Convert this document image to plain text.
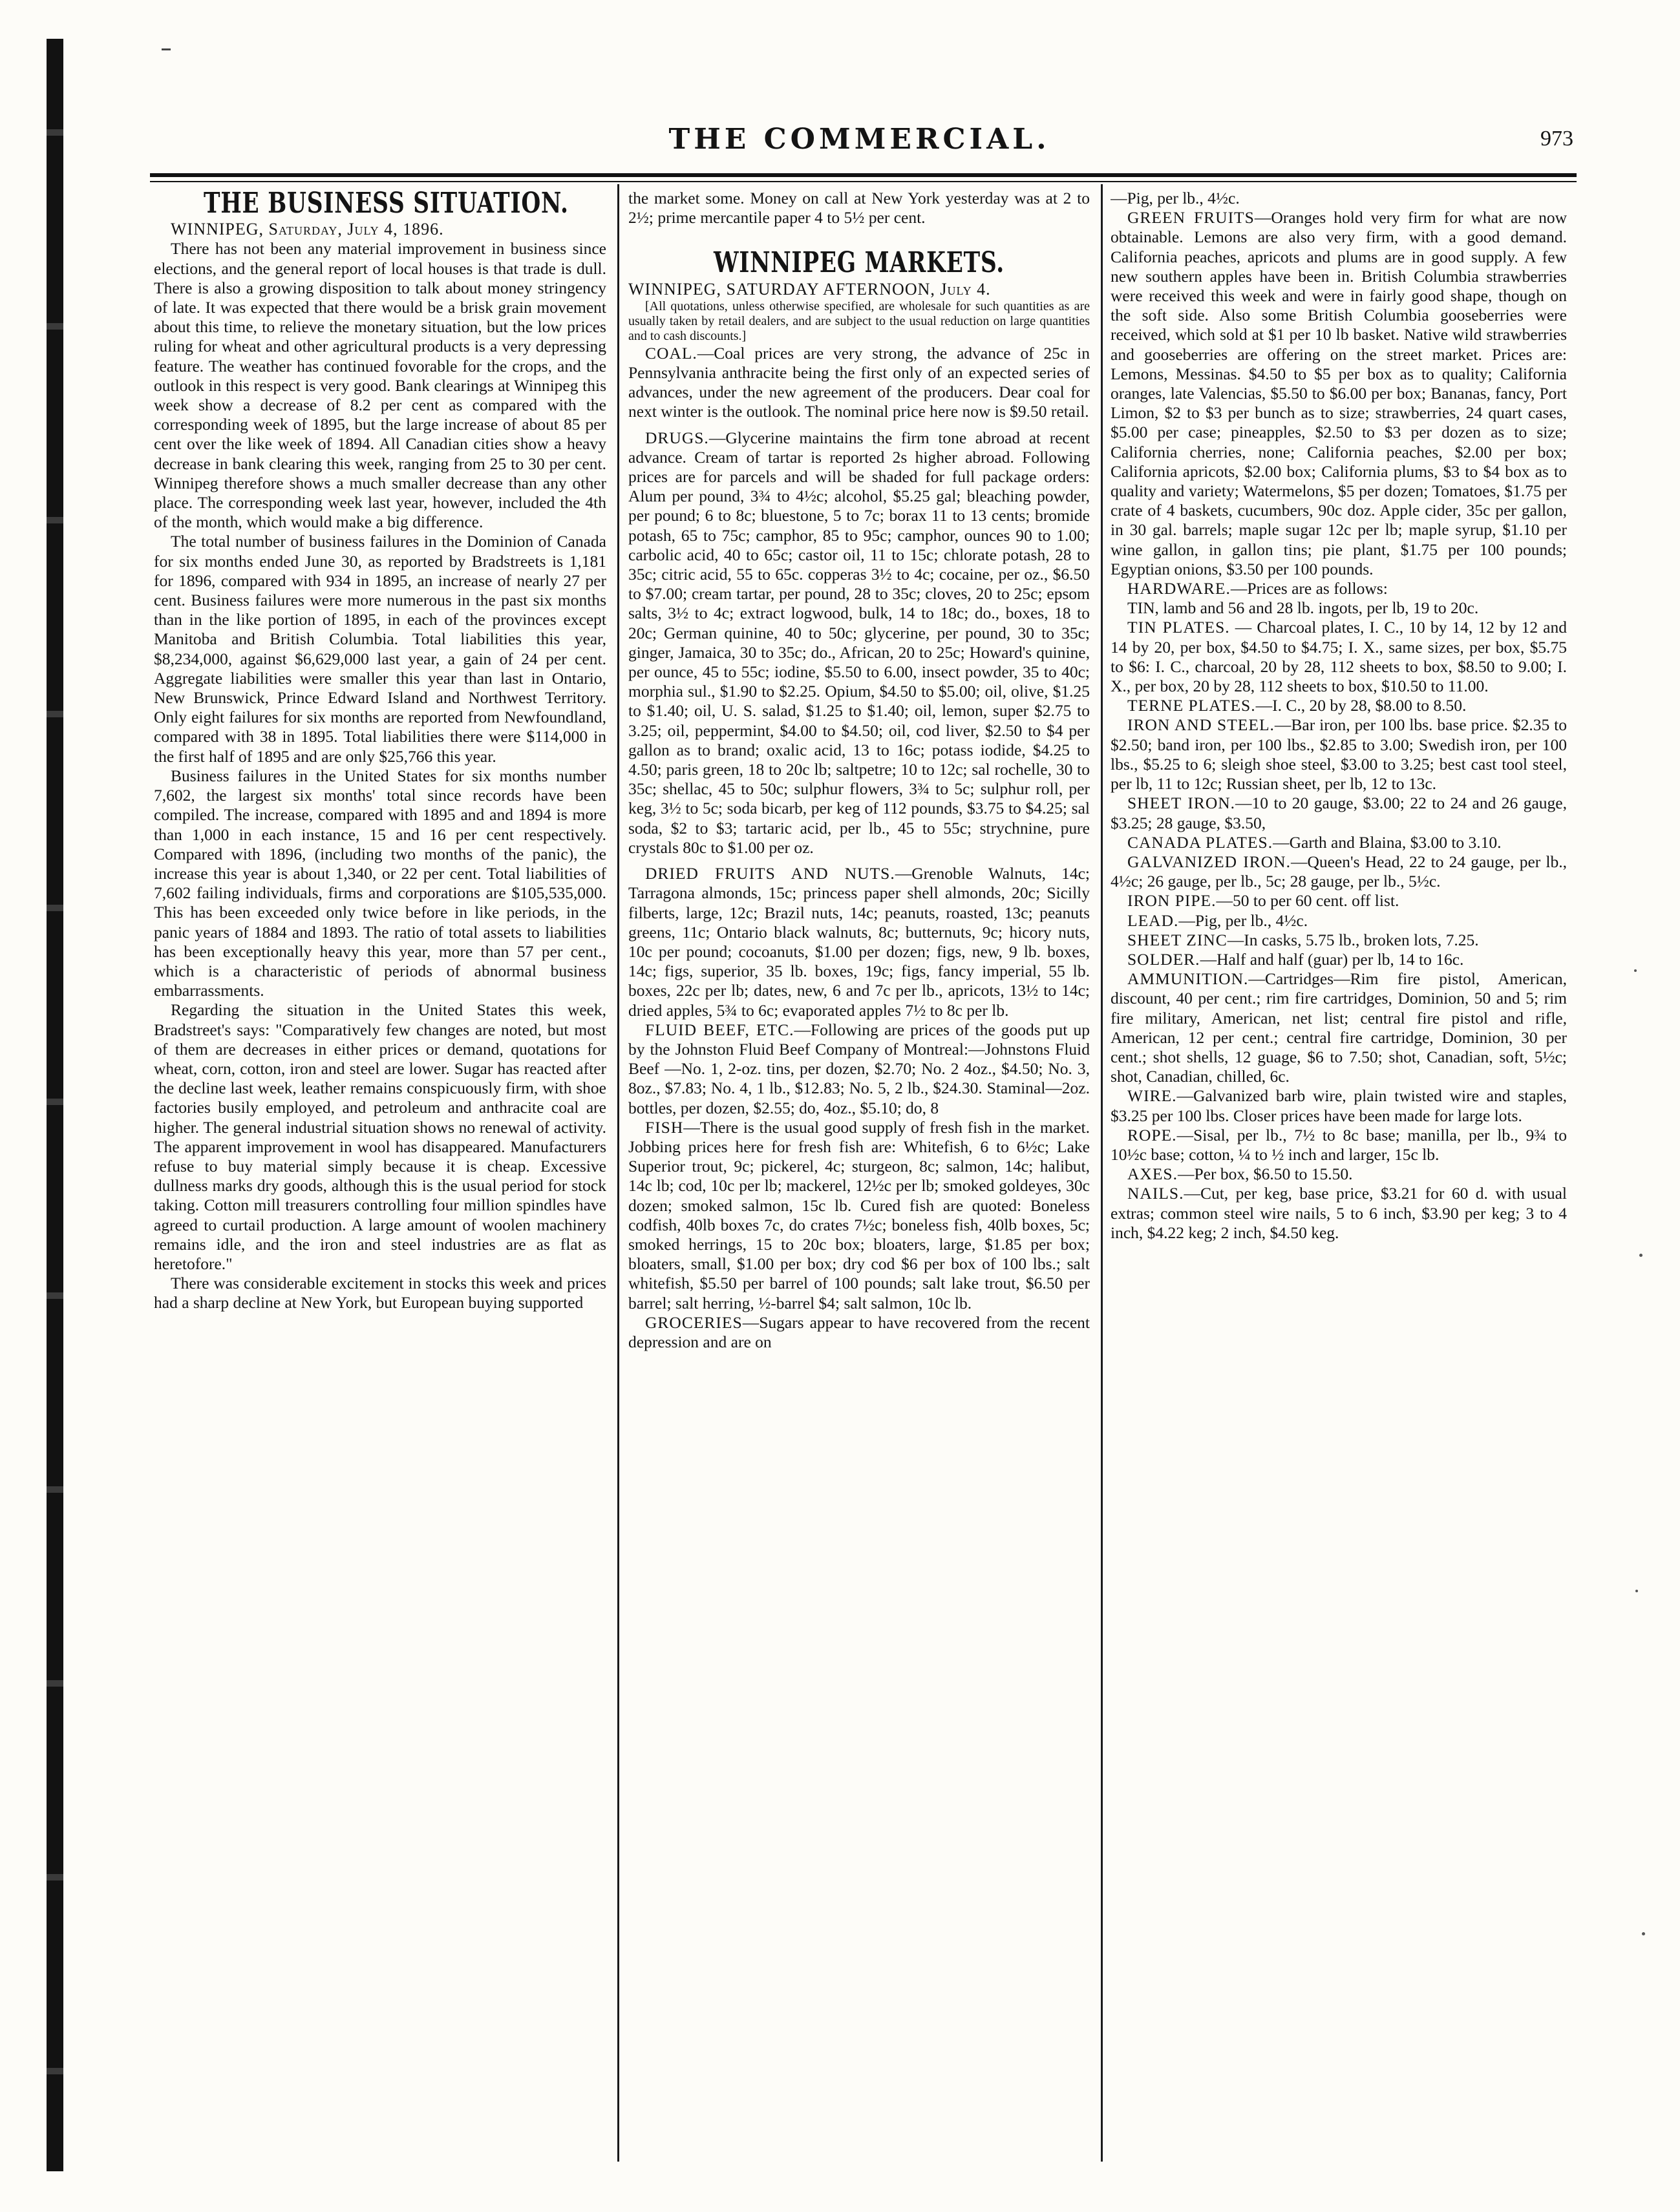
THE COMMERCIAL.	973
THE BUSINESS SITUATION.

WINNIPEG, Saturday, July 4, 1896.

There has not been any material improvement in business since elections, and the general report of local houses is that trade is dull. There is also a growing disposition to talk about money stringency of late. It was expected that there would be a brisk grain movement about this time, to relieve the monetary situation, but the low prices ruling for wheat and other agricultural products is a very depressing feature. The weather has continued fovorable for the crops, and the outlook in this respect is very good. Bank clearings at Winnipeg this week show a decrease of 8.2 per cent as compared with the corresponding week of 1895, but the large increase of about 85 per cent over the like week of 1894. All Canadian cities show a heavy decrease in bank clearing this week, ranging from 25 to 30 per cent. Winnipeg therefore shows a much smaller decrease than any other place. The corresponding week last year, however, included the 4th of the month, which would make a big difference.

The total number of business failures in the Dominion of Canada for six months ended June 30, as reported by Bradstreets is 1,181 for 1896, compared with 934 in 1895, an increase of nearly 27 per cent. Business failures were more numerous in the past six months than in the like portion of 1895, in each of the provinces except Manitoba and British Columbia. Total liabilities this year, $8,234,000, against $6,629,000 last year, a gain of 24 per cent. Aggregate liabilities were smaller this year than last in Ontario, New Brunswick, Prince Edward Island and Northwest Territory. Only eight failures for six months are reported from Newfoundland, compared with 38 in 1895. Total liabilities there were $114,000 in the first half of 1895 and are only $25,766 this year.

Business failures in the United States for six months number 7,602, the largest six months' total since records have been compiled. The increase, compared with 1895 and and 1894 is more than 1,000 in each instance, 15 and 16 per cent respectively. Compared with 1896, (including two months of the panic), the increase this year is about 1,340, or 22 per cent. Total liabilities of 7,602 failing individuals, firms and corporations are $105,535,000. This has been exceeded only twice before in like periods, in the panic years of 1884 and 1893. The ratio of total assets to liabilities has been exceptionally heavy this year, more than 57 per cent., which is a characteristic of periods of abnormal business embarrassments.

Regarding the situation in the United States this week, Bradstreet's says: "Comparatively few changes are noted, but most of them are decreases in either prices or demand, quotations for wheat, corn, cotton, iron and steel are lower. Sugar has reacted after the decline last week, leather remains conspicuously firm, with shoe factories busily employed, and petroleum and anthracite coal are higher. The general industrial situation shows no renewal of activity. The apparent improvement in wool has disappeared. Manufacturers refuse to buy material simply because it is cheap. Excessive dullness marks dry goods, although this is the usual period for stock taking. Cotton mill treasurers controlling four million spindles have agreed to curtail production. A large amount of woolen machinery remains idle, and the iron and steel industries are as flat as heretofore."

There was considerable excitement in stocks this week and prices had a sharp decline at New York, but European buying supported

the market some. Money on call at New York yesterday was at 2 to 2½; prime mercantile paper 4 to 5½ per cent.

WINNIPEG MARKETS.

WINNIPEG, SATURDAY AFTERNOON, July 4.

[All quotations, unless otherwise specified, are wholesale for such quantities as are usually taken by retail dealers, and are subject to the usual reduction on large quantities and to cash discounts.]

COAL.—Coal prices are very strong, the advance of 25c in Pennsylvania anthracite being the first only of an expected series of advances, under the new agreement of the producers. Dear coal for next winter is the outlook. The nominal price here now is $9.50 retail.

DRUGS.—Glycerine maintains the firm tone abroad at recent advance. Cream of tartar is reported 2s higher abroad. Following prices are for parcels and will be shaded for full package orders: Alum per pound, 3¾ to 4½c; alcohol, $5.25 gal; bleaching powder, per pound; 6 to 8c; bluestone, 5 to 7c; borax 11 to 13 cents; bromide potash, 65 to 75c; camphor, 85 to 95c; camphor, ounces 90 to 1.00; carbolic acid, 40 to 65c; castor oil, 11 to 15c; chlorate potash, 28 to 35c; citric acid, 55 to 65c. copperas 3½ to 4c; cocaine, per oz., $6.50 to $7.00; cream tartar, per pound, 28 to 35c; cloves, 20 to 25c; epsom salts, 3½ to 4c; extract logwood, bulk, 14 to 18c; do., boxes, 18 to 20c; German quinine, 40 to 50c; glycerine, per pound, 30 to 35c; ginger, Jamaica, 30 to 35c; do., African, 20 to 25c; Howard's quinine, per ounce, 45 to 55c; iodine, $5.50 to 6.00, insect powder, 35 to 40c; morphia sul., $1.90 to $2.25. Opium, $4.50 to $5.00; oil, olive, $1.25 to $1.40; oil, U. S. salad, $1.25 to $1.40; oil, lemon, super $2.75 to 3.25; oil, peppermint, $4.00 to $4.50; oil, cod liver, $2.50 to $4 per gallon as to brand; oxalic acid, 13 to 16c; potass iodide, $4.25 to 4.50; paris green, 18 to 20c lb; saltpetre; 10 to 12c; sal rochelle, 30 to 35c; shellac, 45 to 50c; sulphur flowers, 3¾ to 5c; sulphur roll, per keg, 3½ to 5c; soda bicarb, per keg of 112 pounds, $3.75 to $4.25; sal soda, $2 to $3; tartaric acid, per lb., 45 to 55c; strychnine, pure crystals 80c to $1.00 per oz.

DRIED FRUITS AND NUTS.—Grenoble Walnuts, 14c; Tarragona almonds, 15c; princess paper shell almonds, 20c; Sicilly filberts, large, 12c; Brazil nuts, 14c; peanuts, roasted, 13c; peanuts greens, 11c; Ontario black walnuts, 8c; butternuts, 9c; hicory nuts, 10c per pound; cocoanuts, $1.00 per dozen; figs, new, 9 lb. boxes, 14c; figs, superior, 35 lb. boxes, 19c; figs, fancy imperial, 55 lb. boxes, 22c per lb; dates, new, 6 and 7c per lb., apricots, 13½ to 14c; dried apples, 5¾ to 6c; evaporated apples 7½ to 8c per lb.

FLUID BEEF, ETC.—Following are prices of the goods put up by the Johnston Fluid Beef Company of Montreal:—Johnstons Fluid Beef —No. 1, 2-oz. tins, per dozen, $2.70; No. 2 4oz., $4.50; No. 3, 8oz., $7.83; No. 4, 1 lb., $12.83; No. 5, 2 lb., $24.30. Staminal—2oz. bottles, per dozen, $2.55; do, 4oz., $5.10; do, 8

FISH—There is the usual good supply of fresh fish in the market. Jobbing prices here for fresh fish are: Whitefish, 6 to 6½c; Lake Superior trout, 9c; pickerel, 4c; sturgeon, 8c; salmon, 14c; halibut, 14c lb; cod, 10c per lb; mackerel, 12½c per lb; smoked goldeyes, 30c dozen; smoked salmon, 15c lb. Cured fish are quoted: Boneless codfish, 40lb boxes 7c, do crates 7½c; boneless fish, 40lb boxes, 5c; smoked herrings, 15 to 20c box; bloaters, large, $1.85 per box; bloaters, small, $1.00 per box; dry cod $6 per box of 100 lbs.; salt whitefish, $5.50 per barrel of 100 pounds; salt lake trout, $6.50 per barrel; salt herring, ½-barrel $4; salt salmon, 10c lb.

GROCERIES—Sugars appear to have recovered from the recent depression and are on

—Pig, per lb., 4½c.

GREEN FRUITS—Oranges hold very firm for what are now obtainable. Lemons are also very firm, with a good demand. California peaches, apricots and plums are in good supply. A few new southern apples have been in. British Columbia strawberries were received this week and were in fairly good shape, though on the soft side. Also some British Columbia gooseberries were received, which sold at $1 per 10 lb basket. Native wild strawberries and gooseberries are offering on the street market. Prices are: Lemons, Messinas. $4.50 to $5 per box as to quality; California oranges, late Valencias, $5.50 to $6.00 per box; Bananas, fancy, Port Limon, $2 to $3 per bunch as to size; strawberries, 24 quart cases, $5.00 per case; pineapples, $2.50 to $3 per dozen as to size; California cherries, none; California peaches, $2.00 per box; California apricots, $2.00 box; California plums, $3 to $4 box as to quality and variety; Watermelons, $5 per dozen; Tomatoes, $1.75 per crate of 4 baskets, cucumbers, 90c doz. Apple cider, 35c per gallon, in 30 gal. barrels; maple sugar 12c per lb; maple syrup, $1.10 per wine gallon, in gallon tins; pie plant, $1.75 per 100 pounds; Egyptian onions, $3.50 per 100 pounds.

HARDWARE.—Prices are as follows:

TIN, lamb and 56 and 28 lb. ingots, per lb, 19 to 20c.

TIN PLATES. — Charcoal plates, I. C., 10 by 14, 12 by 12 and 14 by 20, per box, $4.50 to $4.75; I. X., same sizes, per box, $5.75 to $6: I. C., charcoal, 20 by 28, 112 sheets to box, $8.50 to 9.00; I. X., per box, 20 by 28, 112 sheets to box, $10.50 to 11.00.

TERNE PLATES.—I. C., 20 by 28, $8.00 to 8.50.

IRON AND STEEL.—Bar iron, per 100 lbs. base price. $2.35 to $2.50; band iron, per 100 lbs., $2.85 to 3.00; Swedish iron, per 100 lbs., $5.25 to 6; sleigh shoe steel, $3.00 to 3.25; best cast tool steel, per lb, 11 to 12c; Russian sheet, per lb, 12 to 13c.

SHEET IRON.—10 to 20 gauge, $3.00; 22 to 24 and 26 gauge, $3.25; 28 gauge, $3.50,

CANADA PLATES.—Garth and Blaina, $3.00 to 3.10.

GALVANIZED IRON.—Queen's Head, 22 to 24 gauge, per lb., 4½c; 26 gauge, per lb., 5c; 28 gauge, per lb., 5½c.

IRON PIPE.—50 to per 60 cent. off list.

LEAD.—Pig, per lb., 4½c.

SHEET ZINC—In casks, 5.75 lb., broken lots, 7.25.

SOLDER.—Half and half (guar) per lb, 14 to 16c.

AMMUNITION.—Cartridges—Rim fire pistol, American, discount, 40 per cent.; rim fire cartridges, Dominion, 50 and 5; rim fire military, American, net list; central fire pistol and rifle, American, 12 per cent.; central fire cartridge, Dominion, 30 per cent.; shot shells, 12 guage, $6 to 7.50; shot, Canadian, soft, 5½c; shot, Canadian, chilled, 6c.

WIRE.—Galvanized barb wire, plain twisted wire and staples, $3.25 per 100 lbs. Closer prices have been made for large lots.

ROPE.—Sisal, per lb., 7½ to 8c base; manilla, per lb., 9¾ to 10½c base; cotton, ¼ to ½ inch and larger, 15c lb.

AXES.—Per box, $6.50 to 15.50.

NAILS.—Cut, per keg, base price, $3.21 for 60 d. with usual extras; common steel wire nails, 5 to 6 inch, $3.90 per keg; 3 to 4 inch, $4.22 keg; 2 inch, $4.50 keg.
